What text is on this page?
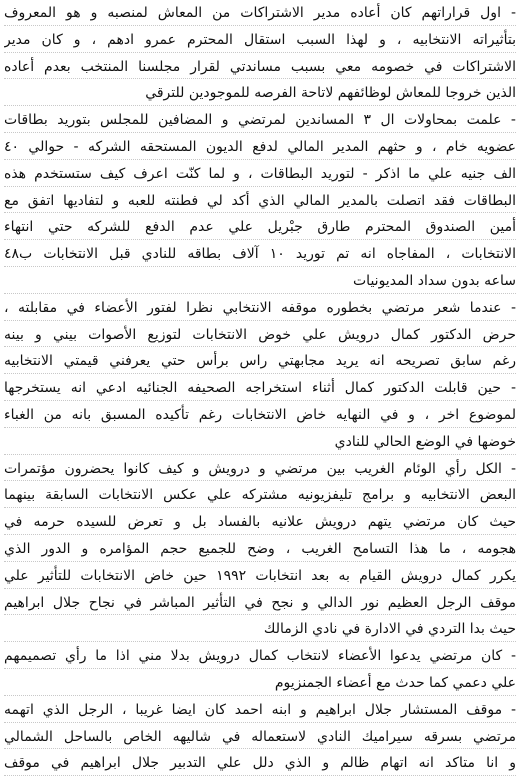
- اول قراراتهم كان أعاده مدير الاشتراكات من المعاش لمنصبه و هو المعروف
بتأثيراته الانتخابيه ، و لهذا السبب استقال المحترم عمرو ادهم ، و كان مدير
الاشتراكات في خصومه معي بسبب مساندتي لقرار مجلسنا المنتخب بعدم أعاده
الذين خروجا للمعاش لوظائفهم لاتاحة الفرصه للموجودين للترقي
- علمت بمحاولات ال ٣ المساندين لمرتضي و المضافين للمجلس بتوريد بطاقات
عضويه خام ، و حثهم المدير المالي لدفع الديون المستحقه الشركه - حوالي ٤٠
الف جنيه علي ما اذكر - لتوريد البطاقات ، و لما كنّت اعرف كيف ستستخدم هذه
البطاقات فقد اتصلت بالمدير المالي الذي أكد لي فطنته للعبه و لتفاديها اتفق مع
أمين الصندوق المحترم طارق جبْريل علي عدم الدفع للشركه حتي انتهاء
الانتخابات ، المفاجاه انه تم توريد ١٠ آلاف بطاقه للنادي قبل الانتخابات ب٤٨
ساعه بدون سداد المديونيات
- عندما شعر مرتضي بخطوره موقفه الانتخابي نظرا لفتور الأعضاء في مقابلته ،
حرض الدكتور كمال درويش علي خوض الانتخابات لتوزيع الأصوات بيني و بينه
رغم سابق تصريحه انه يريد مجابهتي راس برأس حتي يعرفني قيمتي الانتخابيه
- حين قابلت الدكتور كمال أثناء استخراجه الصحيفه الجنائيه ادعي انه يستخرجها
لموضوع اخر ، و في النهايه خاض الانتخابات رغم تأكيده المسبق بانه من الغباء
خوضها في الوضع الحالي للنادي
- الكل رأي الوئام الغريب بين مرتضي و درويش و كيف كانوا يحضرون مؤتمرات
البعض الانتخابيه و برامج تليفزيونيه مشتركه علي عكس الانتخابات السابقة بينهما
حيث كان مرتضي يتهم درويش علانيه بالفساد بل و تعرض للسيده حرمه في
هجومه ، ما هذا التسامح الغريب ، وضح للجميع حجم المؤامره و الدور الذي
يكرر كمال درويش القيام به بعد انتخابات ١٩٩٢ حين خاض الانتخابات للتأثير علي
موقف الرجل العظيم نور الدالي و نجح في التأثير المباشر في نجاح جلال ابراهيم
حيث بدا التردي في الادارة في نادي الزمالك
- كان مرتضي يدعوا الأعضاء لانتخاب كمال درويش بدلا مني اذا ما رأي تصميمهم
علي دعمي كما حدث مع أعضاء الجمنزيوم
- موقف المستشار جلال ابراهيم و ابنه احمد كان ايضا غريبا ، الرجل الذي اتهمه
مرتضي بسرقه سيراميك النادي لاستعماله في شاليهه الخاص بالساحل الشمالي
و انا متاكد انه اتهام ظالم و الذي دلل علي التدبير جلال ابراهيم في موقف
